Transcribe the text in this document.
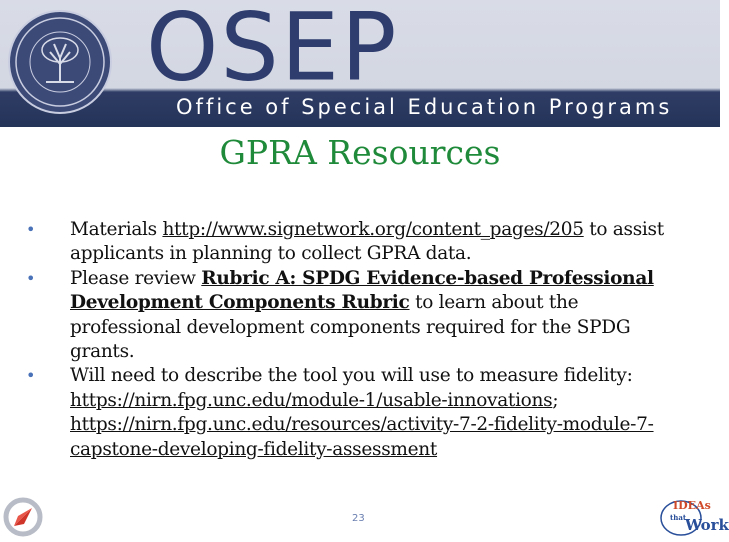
OSEP
Office of Special Education Programs
GPRA Resources

•	Materials http://www.signetwork.org/content_pages/205 to assist applicants in planning to collect GPRA data.

•	Please review Rubric A: SPDG Evidence-based Professional Development Components Rubric to learn about the professional development components required for the SPDG grants.

•	Will need to describe the tool you will use to measure fidelity: https://nirn.fpg.unc.edu/module-1/usable-innovations; https://nirn.fpg.unc.edu/resources/activity-7-2-fidelity-module-7-capstone-developing-fidelity-assessment

23
IDEAs
that
Work
